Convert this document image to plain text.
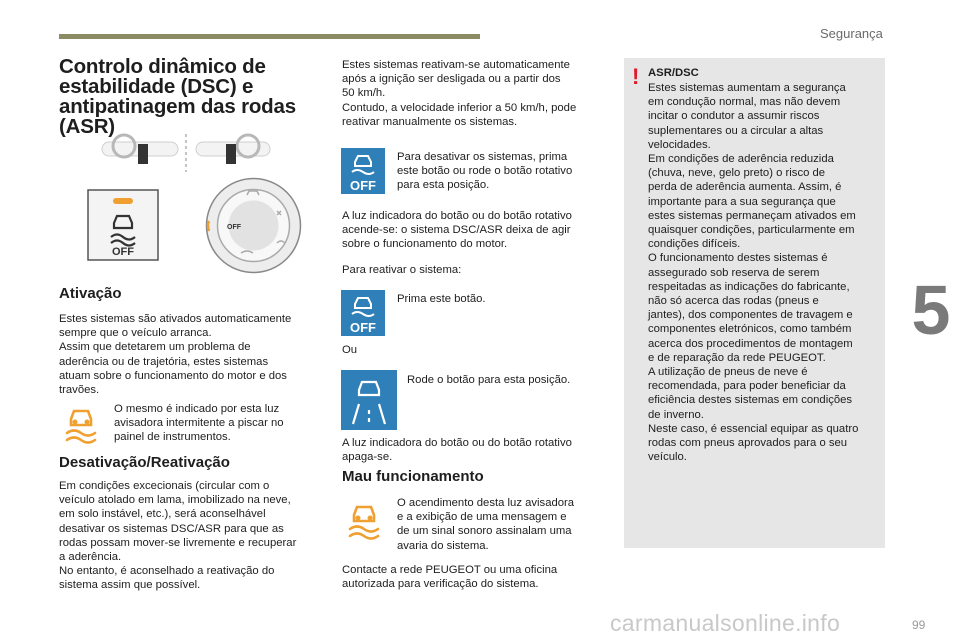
Segurança
5
Controlo dinâmico de
estabilidade (DSC) e
antipatinagem das rodas (ASR)
OFF
OFF
Ativação
Estes sistemas são ativados automaticamente
sempre que o veículo arranca.
Assim que detetarem um problema de
aderência ou de trajetória, estes sistemas
atuam sobre o funcionamento do motor e dos
travões.
O mesmo é indicado por esta luz
avisadora intermitente a piscar no
painel de instrumentos.
Desativação/Reativação
Em condições excecionais (circular com o
veículo atolado em lama, imobilizado na neve,
em solo instável, etc.), será aconselhável
desativar os sistemas DSC/ASR para que as
rodas possam mover-se livremente e recuperar
a aderência.
No entanto, é aconselhado a reativação do
sistema assim que possível.
Estes sistemas reativam-se automaticamente
após a ignição ser desligada ou a partir dos
50 km/h.
Contudo, a velocidade inferior a 50 km/h, pode
reativar manualmente os sistemas.
OFF
Para desativar os sistemas, prima
este botão ou rode o botão rotativo
para esta posição.
A luz indicadora do botão ou do botão rotativo
acende-se: o sistema DSC/ASR deixa de agir
sobre o funcionamento do motor.
Para reativar o sistema:
OFF
Prima este botão.
Ou
Rode o botão para esta posição.
A luz indicadora do botão ou do botão rotativo
apaga-se.
Mau funcionamento
O acendimento desta luz avisadora
e a exibição de uma mensagem e
de um sinal sonoro assinalam uma
avaria do sistema.
Contacte a rede PEUGEOT ou uma oficina
autorizada para verificação do sistema.
! ASR/DSC
Estes sistemas aumentam a segurança
em condução normal, mas não devem
incitar o condutor a assumir riscos
suplementares ou a circular a altas
velocidades.
Em condições de aderência reduzida
(chuva, neve, gelo preto) o risco de
perda de aderência aumenta. Assim, é
importante para a sua segurança que
estes sistemas permaneçam ativados em
quaisquer condições, particularmente em
condições difíceis.
O funcionamento destes sistemas é
assegurado sob reserva de serem
respeitadas as indicações do fabricante,
não só acerca das rodas (pneus e
jantes), dos componentes de travagem e
componentes eletrónicos, como também
acerca dos procedimentos de montagem
e de reparação da rede PEUGEOT.
A utilização de pneus de neve é
recomendada, para poder beneficiar da
eficiência destes sistemas em condições
de inverno.
Neste caso, é essencial equipar as quatro
rodas com pneus aprovados para o seu
veículo.
carmanualsonline.info	99
